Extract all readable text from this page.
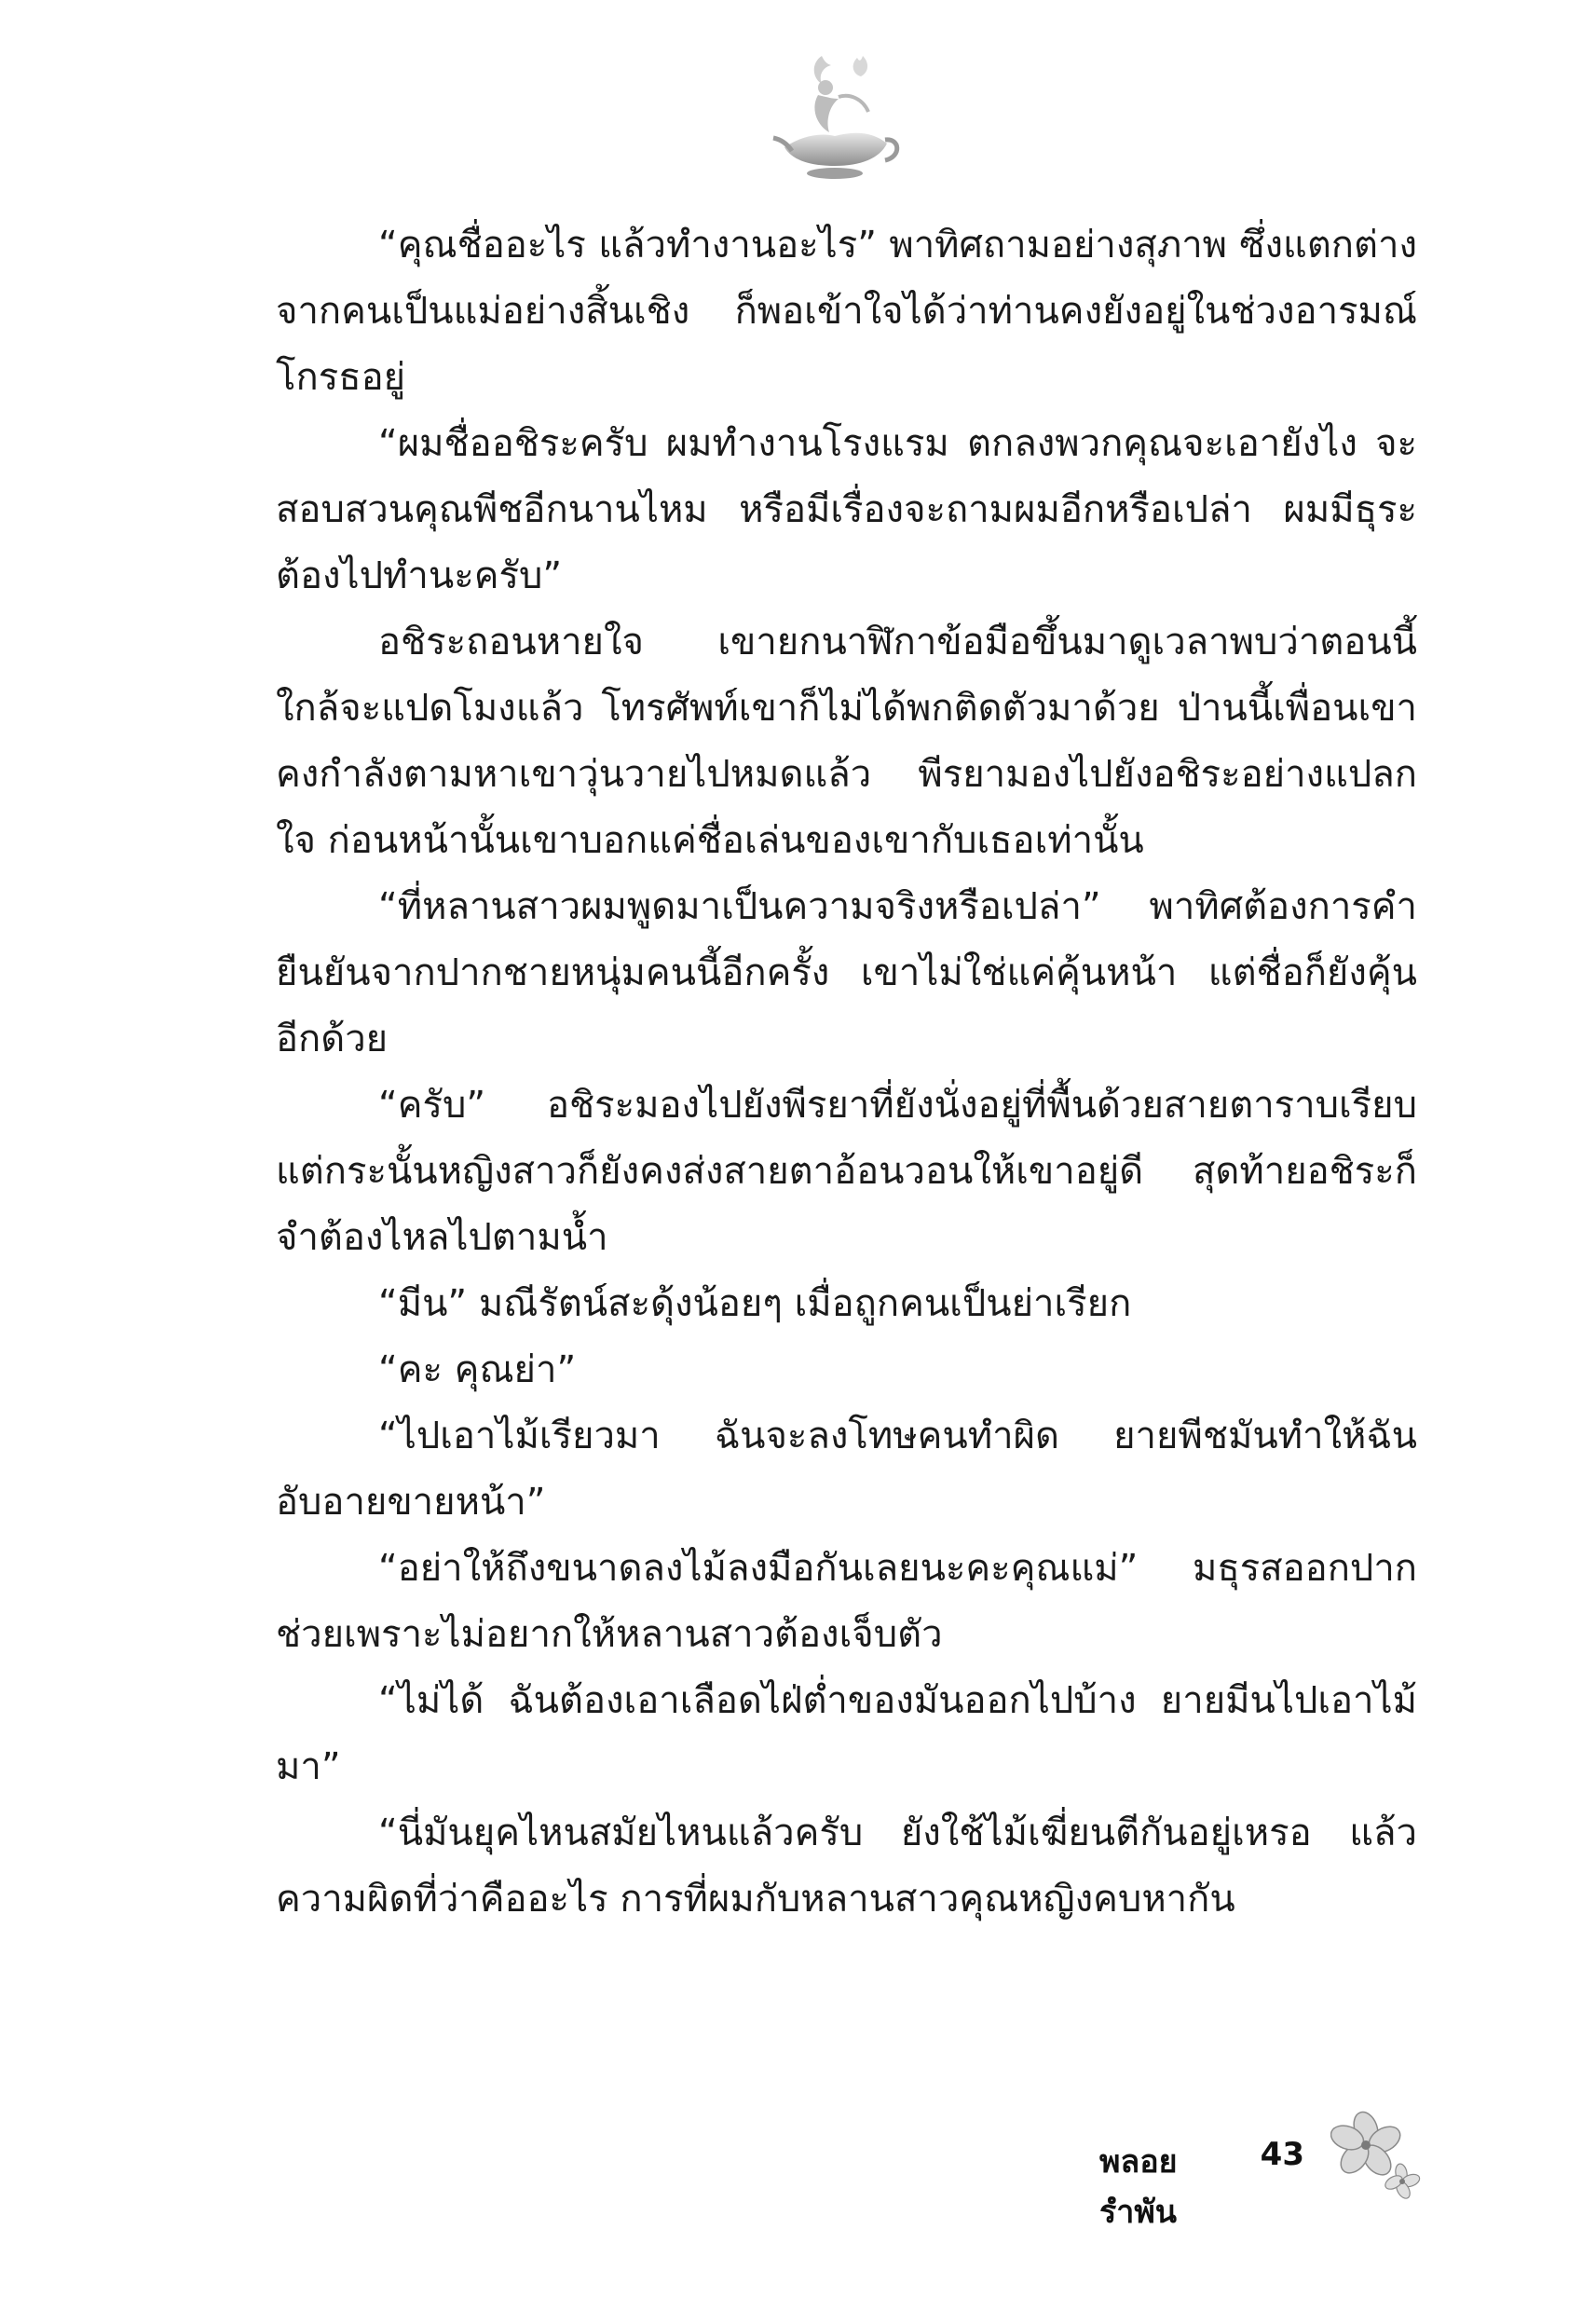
“คุณชื่ออะไร แล้วทำงานอะไร” พาทิศถามอย่างสุภาพ ซึ่งแตกต่างจากคนเป็นแม่อย่างสิ้นเชิง ก็พอเข้าใจได้ว่าท่านคงยังอยู่ในช่วงอารมณ์โกรธอยู่

“ผมชื่ออชิระครับ ผมทำงานโรงแรม ตกลงพวกคุณจะเอายังไง จะสอบสวนคุณพีชอีกนานไหม หรือมีเรื่องจะถามผมอีกหรือเปล่า ผมมีธุระต้องไปทำนะครับ”

อชิระถอนหายใจ เขายกนาฬิกาข้อมือขึ้นมาดูเวลาพบว่าตอนนี้ใกล้จะแปดโมงแล้ว โทรศัพท์เขาก็ไม่ได้พกติดตัวมาด้วย ป่านนี้เพื่อนเขาคงกำลังตามหาเขาวุ่นวายไปหมดแล้ว พีรยามองไปยังอชิระอย่างแปลกใจ ก่อนหน้านั้นเขาบอกแค่ชื่อเล่นของเขากับเธอเท่านั้น

“ที่หลานสาวผมพูดมาเป็นความจริงหรือเปล่า” พาทิศต้องการคำยืนยันจากปากชายหนุ่มคนนี้อีกครั้ง เขาไม่ใช่แค่คุ้นหน้า แต่ชื่อก็ยังคุ้นอีกด้วย

“ครับ” อชิระมองไปยังพีรยาที่ยังนั่งอยู่ที่พื้นด้วยสายตาราบเรียบ แต่กระนั้นหญิงสาวก็ยังคงส่งสายตาอ้อนวอนให้เขาอยู่ดี สุดท้ายอชิระก็จำต้องไหลไปตามน้ำ

“มีน” มณีรัตน์สะดุ้งน้อยๆ เมื่อถูกคนเป็นย่าเรียก

“คะ คุณย่า”

“ไปเอาไม้เรียวมา ฉันจะลงโทษคนทำผิด ยายพีชมันทำให้ฉันอับอายขายหน้า”

“อย่าให้ถึงขนาดลงไม้ลงมือกันเลยนะคะคุณแม่” มธุรสออกปากช่วยเพราะไม่อยากให้หลานสาวต้องเจ็บตัว

“ไม่ได้ ฉันต้องเอาเลือดไฝ่ต่ำของมันออกไปบ้าง ยายมีนไปเอาไม้มา”

“นี่มันยุคไหนสมัยไหนแล้วครับ ยังใช้ไม้เฆี่ยนตีกันอยู่เหรอ แล้วความผิดที่ว่าคืออะไร การที่ผมกับหลานสาวคุณหญิงคบหากัน

พลอยรำพัน
43
